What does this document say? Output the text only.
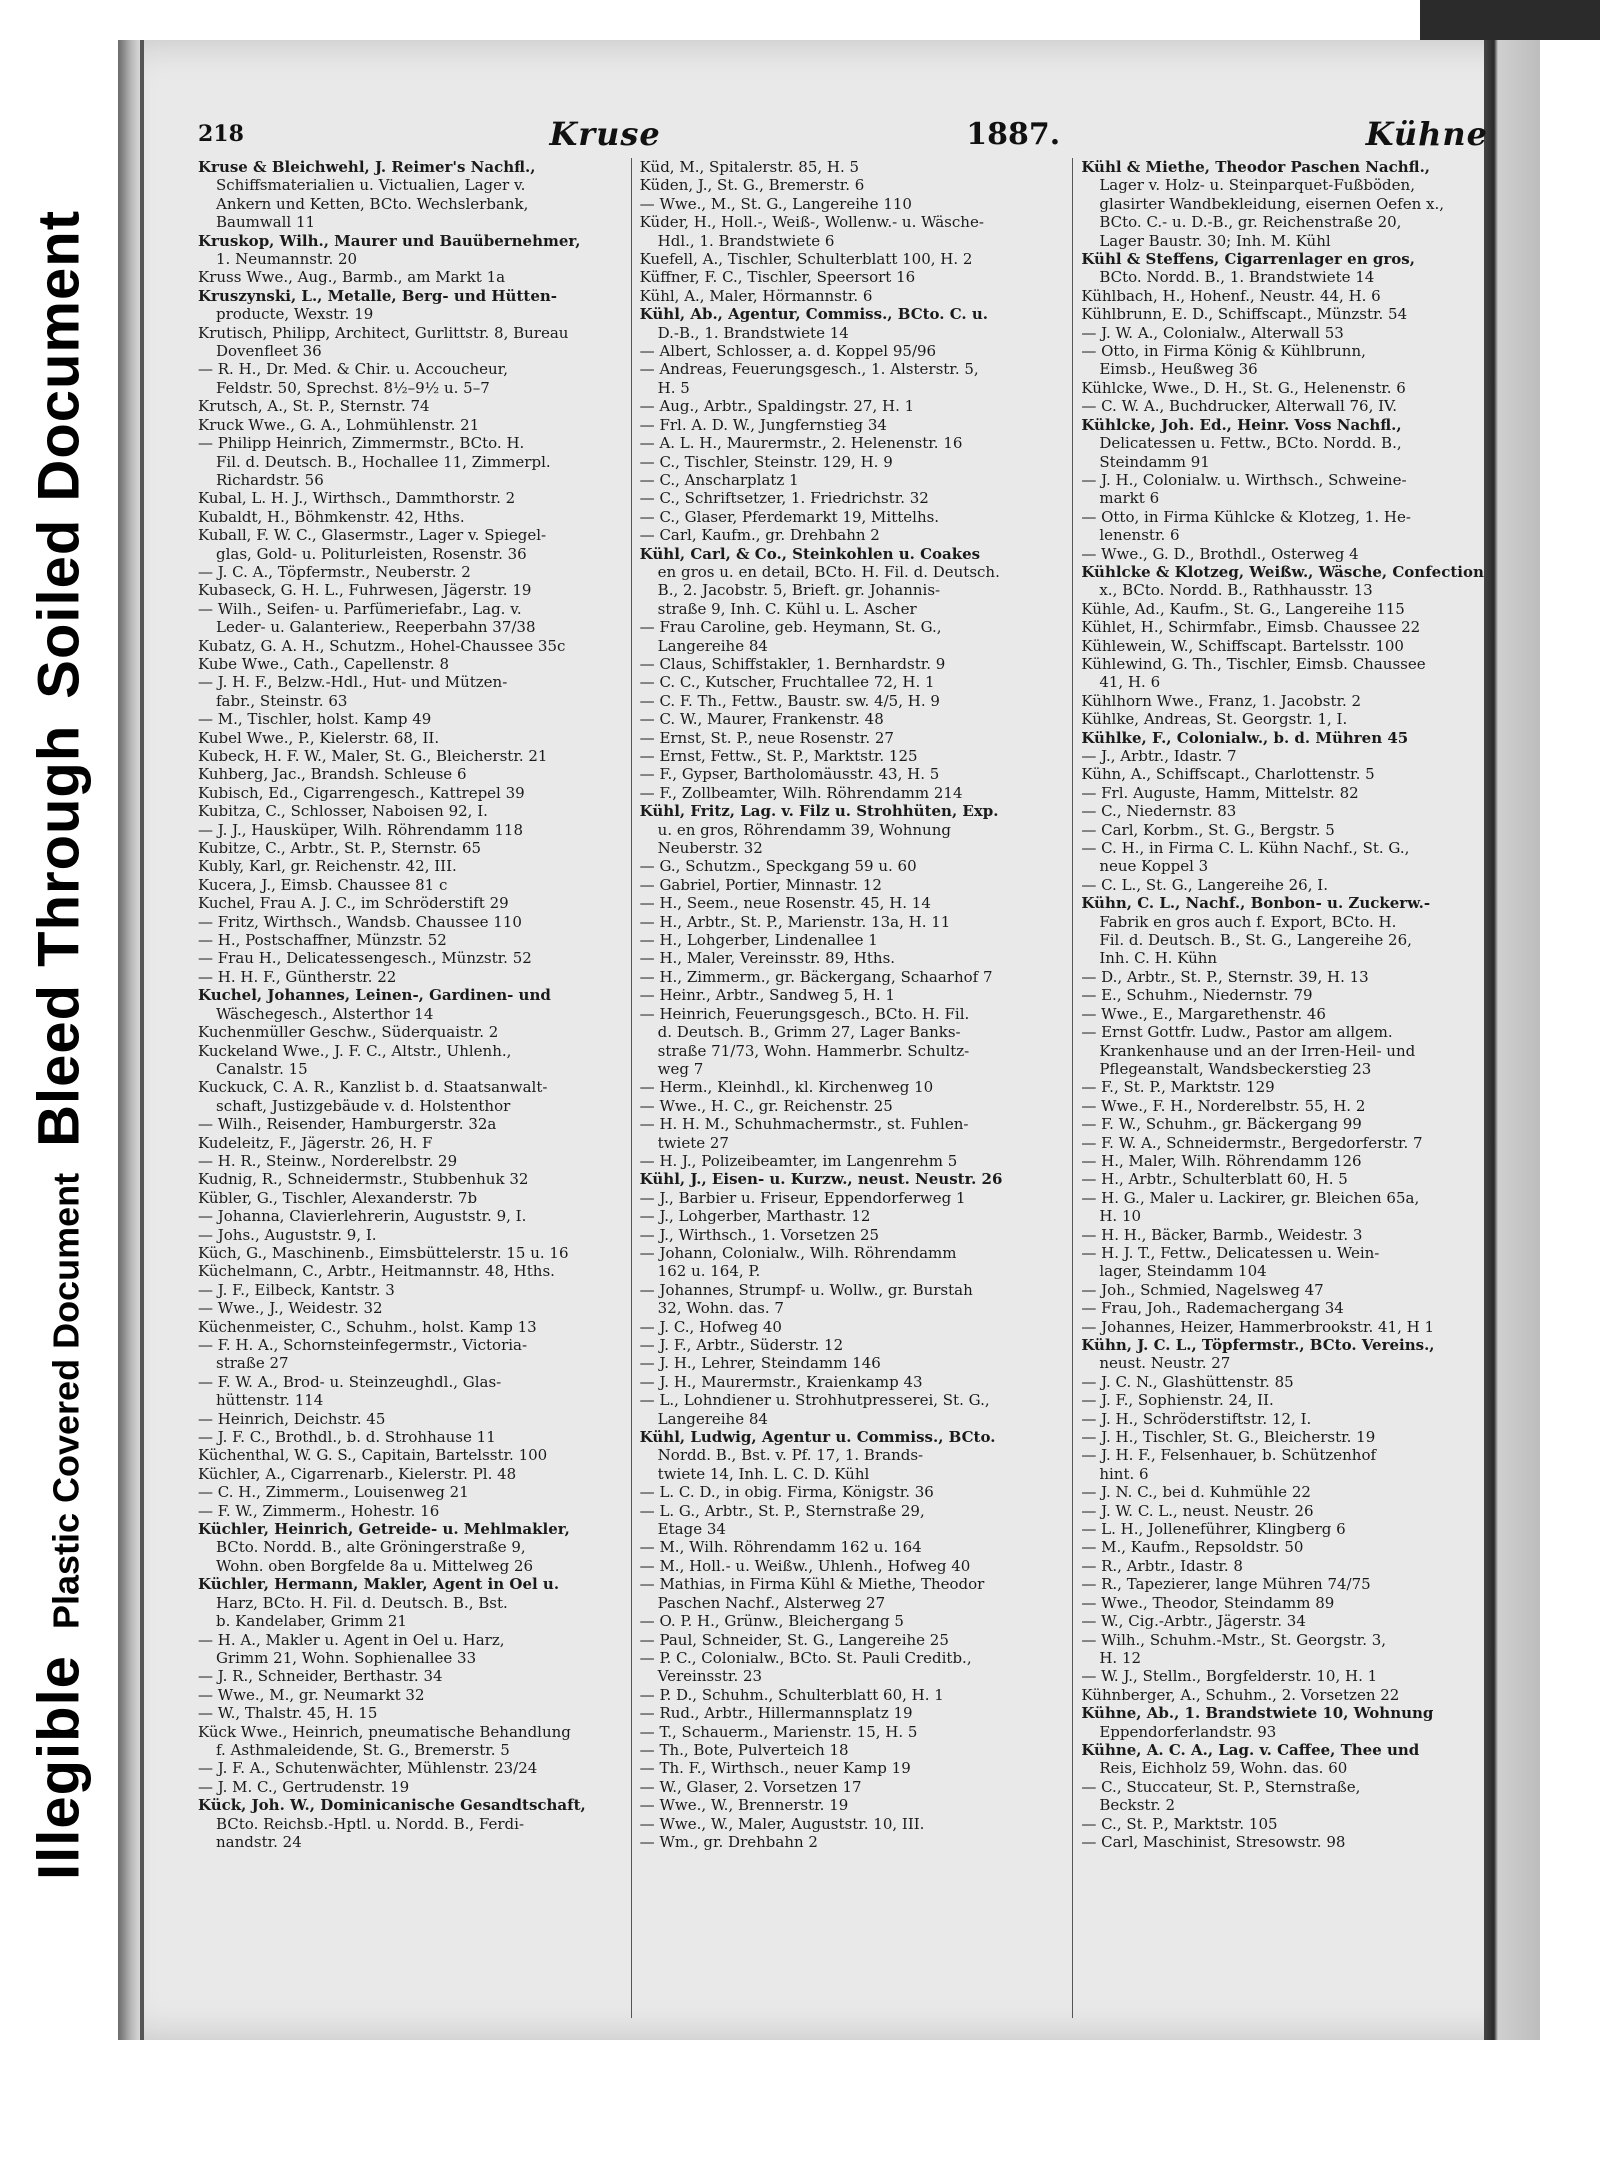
Illegible
Plastic Covered Document
Bleed Through
Soiled Document
218	Kruse	1887.	Kühne
Kruse & Bleichwehl, J. Reimer's Nachfl.,
Schiffsmaterialien u. Victualien, Lager v.
Ankern und Ketten, BCto. Wechslerbank,
Baumwall 11
Kruskop, Wilh., Maurer und Bauübernehmer,
1. Neumannstr. 20
Kruss Wwe., Aug., Barmb., am Markt 1a
Kruszynski, L., Metalle, Berg- und Hütten-
producte, Wexstr. 19
Krutisch, Philipp, Architect, Gurlittstr. 8, Bureau
Dovenfleet 36
— R. H., Dr. Med. & Chir. u. Accoucheur,
Feldstr. 50, Sprechst. 8½–9½ u. 5–7
Krutsch, A., St. P., Sternstr. 74
Kruck Wwe., G. A., Lohmühlenstr. 21
— Philipp Heinrich, Zimmermstr., BCto. H.
Fil. d. Deutsch. B., Hochallee 11, Zimmerpl.
Richardstr. 56
Kubal, L. H. J., Wirthsch., Dammthorstr. 2
Kubaldt, H., Böhmkenstr. 42, Hths.
Kuball, F. W. C., Glasermstr., Lager v. Spiegel-
glas, Gold- u. Politurleisten, Rosenstr. 36
— J. C. A., Töpfermstr., Neuberstr. 2
Kubaseck, G. H. L., Fuhrwesen, Jägerstr. 19
— Wilh., Seifen- u. Parfümeriefabr., Lag. v.
Leder- u. Galanteriew., Reeperbahn 37/38
Kubatz, G. A. H., Schutzm., Hohel-Chaussee 35c
Kube Wwe., Cath., Capellenstr. 8
— J. H. F., Belzw.-Hdl., Hut- und Mützen-
fabr., Steinstr. 63
— M., Tischler, holst. Kamp 49
Kubel Wwe., P., Kielerstr. 68, II.
Kubeck, H. F. W., Maler, St. G., Bleicherstr. 21
Kuhberg, Jac., Brandsh. Schleuse 6
Kubisch, Ed., Cigarrengesch., Kattrepel 39
Kubitza, C., Schlosser, Naboisen 92, I.
— J. J., Hausküper, Wilh. Röhrendamm 118
Kubitze, C., Arbtr., St. P., Sternstr. 65
Kubly, Karl, gr. Reichenstr. 42, III.
Kucera, J., Eimsb. Chaussee 81 c
Kuchel, Frau A. J. C., im Schröderstift 29
— Fritz, Wirthsch., Wandsb. Chaussee 110
— H., Postschaffner, Münzstr. 52
— Frau H., Delicatessengesch., Münzstr. 52
— H. H. F., Güntherstr. 22
Kuchel, Johannes, Leinen-, Gardinen- und
Wäschegesch., Alsterthor 14
Kuchenmüller Geschw., Süderquaistr. 2
Kuckeland Wwe., J. F. C., Altstr., Uhlenh.,
Canalstr. 15
Kuckuck, C. A. R., Kanzlist b. d. Staatsanwalt-
schaft, Justizgebäude v. d. Holstenthor
— Wilh., Reisender, Hamburgerstr. 32a
Kudeleitz, F., Jägerstr. 26, H. F
— H. R., Steinw., Norderelbstr. 29
Kudnig, R., Schneidermstr., Stubbenhuk 32
Kübler, G., Tischler, Alexanderstr. 7b
— Johanna, Clavierlehrerin, Auguststr. 9, I.
— Johs., Auguststr. 9, I.
Küch, G., Maschinenb., Eimsbüttelerstr. 15 u. 16
Küchelmann, C., Arbtr., Heitmannstr. 48, Hths.
— J. F., Eilbeck, Kantstr. 3
— Wwe., J., Weidestr. 32
Küchenmeister, C., Schuhm., holst. Kamp 13
— F. H. A., Schornsteinfegermstr., Victoria-
straße 27
— F. W. A., Brod- u. Steinzeughdl., Glas-
hüttenstr. 114
— Heinrich, Deichstr. 45
— J. F. C., Brothdl., b. d. Strohhause 11
Küchenthal, W. G. S., Capitain, Bartelsstr. 100
Küchler, A., Cigarrenarb., Kielerstr. Pl. 48
— C. H., Zimmerm., Louisenweg 21
— F. W., Zimmerm., Hohestr. 16
Küchler, Heinrich, Getreide- u. Mehlmakler,
BCto. Nordd. B., alte Gröningerstraße 9,
Wohn. oben Borgfelde 8a u. Mittelweg 26
Küchler, Hermann, Makler, Agent in Oel u.
Harz, BCto. H. Fil. d. Deutsch. B., Bst.
b. Kandelaber, Grimm 21
— H. A., Makler u. Agent in Oel u. Harz,
Grimm 21, Wohn. Sophienallee 33
— J. R., Schneider, Berthastr. 34
— Wwe., M., gr. Neumarkt 32
— W., Thalstr. 45, H. 15
Kück Wwe., Heinrich, pneumatische Behandlung
f. Asthmaleidende, St. G., Bremerstr. 5
— J. F. A., Schutenwächter, Mühlenstr. 23/24
— J. M. C., Gertrudenstr. 19
Kück, Joh. W., Dominicanische Gesandtschaft,
BCto. Reichsb.-Hptl. u. Nordd. B., Ferdi-
nandstr. 24
Küd, M., Spitalerstr. 85, H. 5
Küden, J., St. G., Bremerstr. 6
— Wwe., M., St. G., Langereihe 110
Küder, H., Holl.-, Weiß-, Wollenw.- u. Wäsche-
Hdl., 1. Brandstwiete 6
Kuefell, A., Tischler, Schulterblatt 100, H. 2
Küffner, F. C., Tischler, Speersort 16
Kühl, A., Maler, Hörmannstr. 6
Kühl, Ab., Agentur, Commiss., BCto. C. u.
D.-B., 1. Brandstwiete 14
— Albert, Schlosser, a. d. Koppel 95/96
— Andreas, Feuerungsgesch., 1. Alsterstr. 5,
H. 5
— Aug., Arbtr., Spaldingstr. 27, H. 1
— Frl. A. D. W., Jungfernstieg 34
— A. L. H., Maurermstr., 2. Helenenstr. 16
— C., Tischler, Steinstr. 129, H. 9
— C., Anscharplatz 1
— C., Schriftsetzer, 1. Friedrichstr. 32
— C., Glaser, Pferdemarkt 19, Mittelhs.
— Carl, Kaufm., gr. Drehbahn 2
Kühl, Carl, & Co., Steinkohlen u. Coakes
en gros u. en detail, BCto. H. Fil. d. Deutsch.
B., 2. Jacobstr. 5, Brieft. gr. Johannis-
straße 9, Inh. C. Kühl u. L. Ascher
— Frau Caroline, geb. Heymann, St. G.,
Langereihe 84
— Claus, Schiffstakler, 1. Bernhardstr. 9
— C. C., Kutscher, Fruchtallee 72, H. 1
— C. F. Th., Fettw., Baustr. sw. 4/5, H. 9
— C. W., Maurer, Frankenstr. 48
— Ernst, St. P., neue Rosenstr. 27
— Ernst, Fettw., St. P., Marktstr. 125
— F., Gypser, Bartholomäusstr. 43, H. 5
— F., Zollbeamter, Wilh. Röhrendamm 214
Kühl, Fritz, Lag. v. Filz u. Strohhüten, Exp.
u. en gros, Röhrendamm 39, Wohnung
Neuberstr. 32
— G., Schutzm., Speckgang 59 u. 60
— Gabriel, Portier, Minnastr. 12
— H., Seem., neue Rosenstr. 45, H. 14
— H., Arbtr., St. P., Marienstr. 13a, H. 11
— H., Lohgerber, Lindenallee 1
— H., Maler, Vereinsstr. 89, Hths.
— H., Zimmerm., gr. Bäckergang, Schaarhof 7
— Heinr., Arbtr., Sandweg 5, H. 1
— Heinrich, Feuerungsgesch., BCto. H. Fil.
d. Deutsch. B., Grimm 27, Lager Banks-
straße 71/73, Wohn. Hammerbr. Schultz-
weg 7
— Herm., Kleinhdl., kl. Kirchenweg 10
— Wwe., H. C., gr. Reichenstr. 25
— H. H. M., Schuhmachermstr., st. Fuhlen-
twiete 27
— H. J., Polizeibeamter, im Langenrehm 5
Kühl, J., Eisen- u. Kurzw., neust. Neustr. 26
— J., Barbier u. Friseur, Eppendorferweg 1
— J., Lohgerber, Marthastr. 12
— J., Wirthsch., 1. Vorsetzen 25
— Johann, Colonialw., Wilh. Röhrendamm
162 u. 164, P.
— Johannes, Strumpf- u. Wollw., gr. Burstah
32, Wohn. das. 7
— J. C., Hofweg 40
— J. F., Arbtr., Süderstr. 12
— J. H., Lehrer, Steindamm 146
— J. H., Maurermstr., Kraienkamp 43
— L., Lohndiener u. Strohhutpresserei, St. G.,
Langereihe 84
Kühl, Ludwig, Agentur u. Commiss., BCto.
Nordd. B., Bst. v. Pf. 17, 1. Brands-
twiete 14, Inh. L. C. D. Kühl
— L. C. D., in obig. Firma, Königstr. 36
— L. G., Arbtr., St. P., Sternstraße 29,
Etage 34
— M., Wilh. Röhrendamm 162 u. 164
— M., Holl.- u. Weißw., Uhlenh., Hofweg 40
— Mathias, in Firma Kühl & Miethe, Theodor
Paschen Nachf., Alsterweg 27
— O. P. H., Grünw., Bleichergang 5
— Paul, Schneider, St. G., Langereihe 25
— P. C., Colonialw., BCto. St. Pauli Creditb.,
Vereinsstr. 23
— P. D., Schuhm., Schulterblatt 60, H. 1
— Rud., Arbtr., Hillermannsplatz 19
— T., Schauerm., Marienstr. 15, H. 5
— Th., Bote, Pulverteich 18
— Th. F., Wirthsch., neuer Kamp 19
— W., Glaser, 2. Vorsetzen 17
— Wwe., W., Brennerstr. 19
— Wwe., W., Maler, Auguststr. 10, III.
— Wm., gr. Drehbahn 2
Kühl & Miethe, Theodor Paschen Nachfl.,
Lager v. Holz- u. Steinparquet-Fußböden,
glasirter Wandbekleidung, eisernen Oefen x.,
BCto. C.- u. D.-B., gr. Reichenstraße 20,
Lager Baustr. 30; Inh. M. Kühl
Kühl & Steffens, Cigarrenlager en gros,
BCto. Nordd. B., 1. Brandstwiete 14
Kühlbach, H., Hohenf., Neustr. 44, H. 6
Kühlbrunn, E. D., Schiffscapt., Münzstr. 54
— J. W. A., Colonialw., Alterwall 53
— Otto, in Firma König & Kühlbrunn,
Eimsb., Heußweg 36
Kühlcke, Wwe., D. H., St. G., Helenenstr. 6
— C. W. A., Buchdrucker, Alterwall 76, IV.
Kühlcke, Joh. Ed., Heinr. Voss Nachfl.,
Delicatessen u. Fettw., BCto. Nordd. B.,
Steindamm 91
— J. H., Colonialw. u. Wirthsch., Schweine-
markt 6
— Otto, in Firma Kühlcke & Klotzeg, 1. He-
lenenstr. 6
— Wwe., G. D., Brothdl., Osterweg 4
Kühlcke & Klotzeg, Weißw., Wäsche, Confection
x., BCto. Nordd. B., Rathhausstr. 13
Kühle, Ad., Kaufm., St. G., Langereihe 115
Kühlet, H., Schirmfabr., Eimsb. Chaussee 22
Kühlewein, W., Schiffscapt. Bartelsstr. 100
Kühlewind, G. Th., Tischler, Eimsb. Chaussee
41, H. 6
Kühlhorn Wwe., Franz, 1. Jacobstr. 2
Kühlke, Andreas, St. Georgstr. 1, I.
Kühlke, F., Colonialw., b. d. Mühren 45
— J., Arbtr., Idastr. 7
Kühn, A., Schiffscapt., Charlottenstr. 5
— Frl. Auguste, Hamm, Mittelstr. 82
— C., Niedernstr. 83
— Carl, Korbm., St. G., Bergstr. 5
— C. H., in Firma C. L. Kühn Nachf., St. G.,
neue Koppel 3
— C. L., St. G., Langereihe 26, I.
Kühn, C. L., Nachf., Bonbon- u. Zuckerw.-
Fabrik en gros auch f. Export, BCto. H.
Fil. d. Deutsch. B., St. G., Langereihe 26,
Inh. C. H. Kühn
— D., Arbtr., St. P., Sternstr. 39, H. 13
— E., Schuhm., Niedernstr. 79
— Wwe., E., Margarethenstr. 46
— Ernst Gottfr. Ludw., Pastor am allgem.
Krankenhause und an der Irren-Heil- und
Pflegeanstalt, Wandsbeckerstieg 23
— F., St. P., Marktstr. 129
— Wwe., F. H., Norderelbstr. 55, H. 2
— F. W., Schuhm., gr. Bäckergang 99
— F. W. A., Schneidermstr., Bergedorferstr. 7
— H., Maler, Wilh. Röhrendamm 126
— H., Arbtr., Schulterblatt 60, H. 5
— H. G., Maler u. Lackirer, gr. Bleichen 65a,
H. 10
— H. H., Bäcker, Barmb., Weidestr. 3
— H. J. T., Fettw., Delicatessen u. Wein-
lager, Steindamm 104
— Joh., Schmied, Nagelsweg 47
— Frau, Joh., Rademachergang 34
— Johannes, Heizer, Hammerbrookstr. 41, H 1
Kühn, J. C. L., Töpfermstr., BCto. Vereins.,
neust. Neustr. 27
— J. C. N., Glashüttenstr. 85
— J. F., Sophienstr. 24, II.
— J. H., Schröderstiftstr. 12, I.
— J. H., Tischler, St. G., Bleicherstr. 19
— J. H. F., Felsenhauer, b. Schützenhof
hint. 6
— J. N. C., bei d. Kuhmühle 22
— J. W. C. L., neust. Neustr. 26
— L. H., Jolleneführer, Klingberg 6
— M., Kaufm., Repsoldstr. 50
— R., Arbtr., Idastr. 8
— R., Tapezierer, lange Mühren 74/75
— Wwe., Theodor, Steindamm 89
— W., Cig.-Arbtr., Jägerstr. 34
— Wilh., Schuhm.-Mstr., St. Georgstr. 3,
H. 12
— W. J., Stellm., Borgfelderstr. 10, H. 1
Kühnberger, A., Schuhm., 2. Vorsetzen 22
Kühne, Ab., 1. Brandstwiete 10, Wohnung
Eppendorferlandstr. 93
Kühne, A. C. A., Lag. v. Caffee, Thee und
Reis, Eichholz 59, Wohn. das. 60
— C., Stuccateur, St. P., Sternstraße,
Beckstr. 2
— C., St. P., Marktstr. 105
— Carl, Maschinist, Stresowstr. 98
